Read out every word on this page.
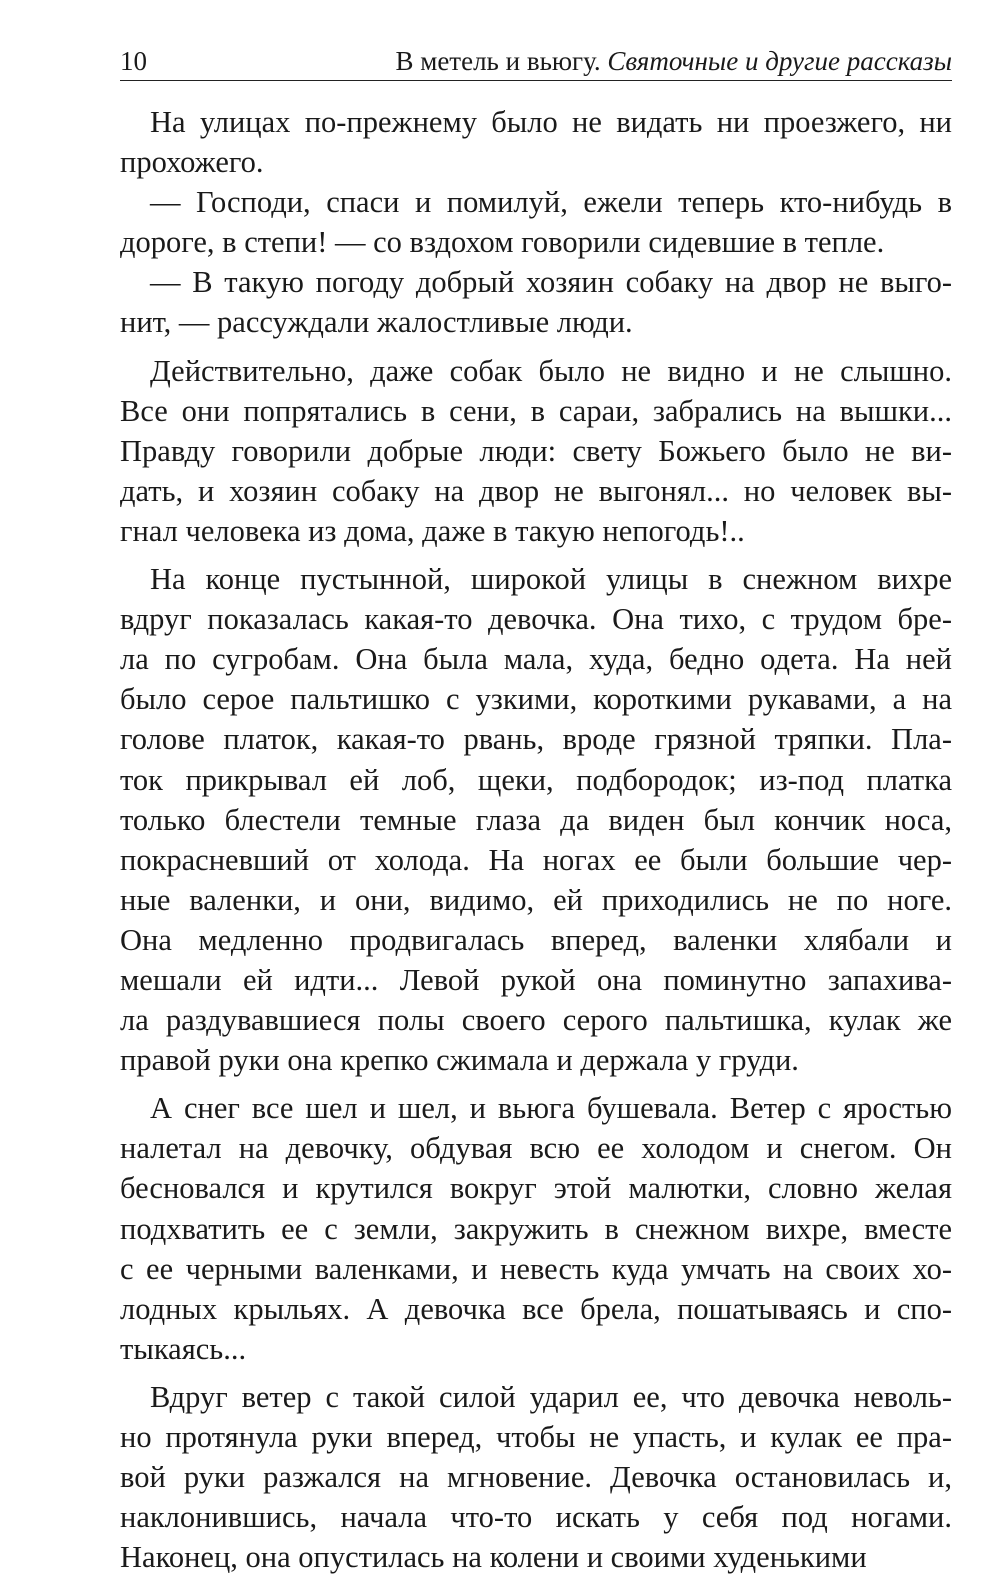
10	В метель и вьюгу. Святочные и другие рассказы
На улицах по-прежнему было не видать ни проезжего, ни
прохожего.
— Господи, спаси и помилуй, ежели теперь кто-нибудь в
дороге, в степи! — со вздохом говорили сидевшие в тепле.
— В такую погоду добрый хозяин собаку на двор не выго-
нит, — рассуждали жалостливые люди.
Действительно, даже собак было не видно и не слышно.
Все они попрятались в сени, в сараи, забрались на вышки...
Правду говорили добрые люди: свету Божьего было не ви-
дать, и хозяин собаку на двор не выгонял... но человек вы-
гнал человека из дома, даже в такую непогодь!..
На конце пустынной, широкой улицы в снежном вихре
вдруг показалась какая-то девочка. Она тихо, с трудом бре-
ла по сугробам. Она была мала, худа, бедно одета. На ней
было серое пальтишко с узкими, короткими рукавами, а на
голове платок, какая-то рвань, вроде грязной тряпки. Пла-
ток прикрывал ей лоб, щеки, подбородок; из-под платка
только блестели темные глаза да виден был кончик носа,
покрасневший от холода. На ногах ее были большие чер-
ные валенки, и они, видимо, ей приходились не по ноге.
Она медленно продвигалась вперед, валенки хлябали и
мешали ей идти... Левой рукой она поминутно запахива-
ла раздувавшиеся полы своего серого пальтишка, кулак же
правой руки она крепко сжимала и держала у груди.
А снег все шел и шел, и вьюга бушевала. Ветер с яростью
налетал на девочку, обдувая всю ее холодом и снегом. Он
бесновался и крутился вокруг этой малютки, словно желая
подхватить ее с земли, закружить в снежном вихре, вместе
с ее черными валенками, и невесть куда умчать на своих хо-
лодных крыльях. А девочка все брела, пошатываясь и спо-
тыкаясь...
Вдруг ветер с такой силой ударил ее, что девочка неволь-
но протянула руки вперед, чтобы не упасть, и кулак ее пра-
вой руки разжался на мгновение. Девочка остановилась и,
наклонившись, начала что-то искать у себя под ногами.
Наконец, она опустилась на колени и своими худенькими
